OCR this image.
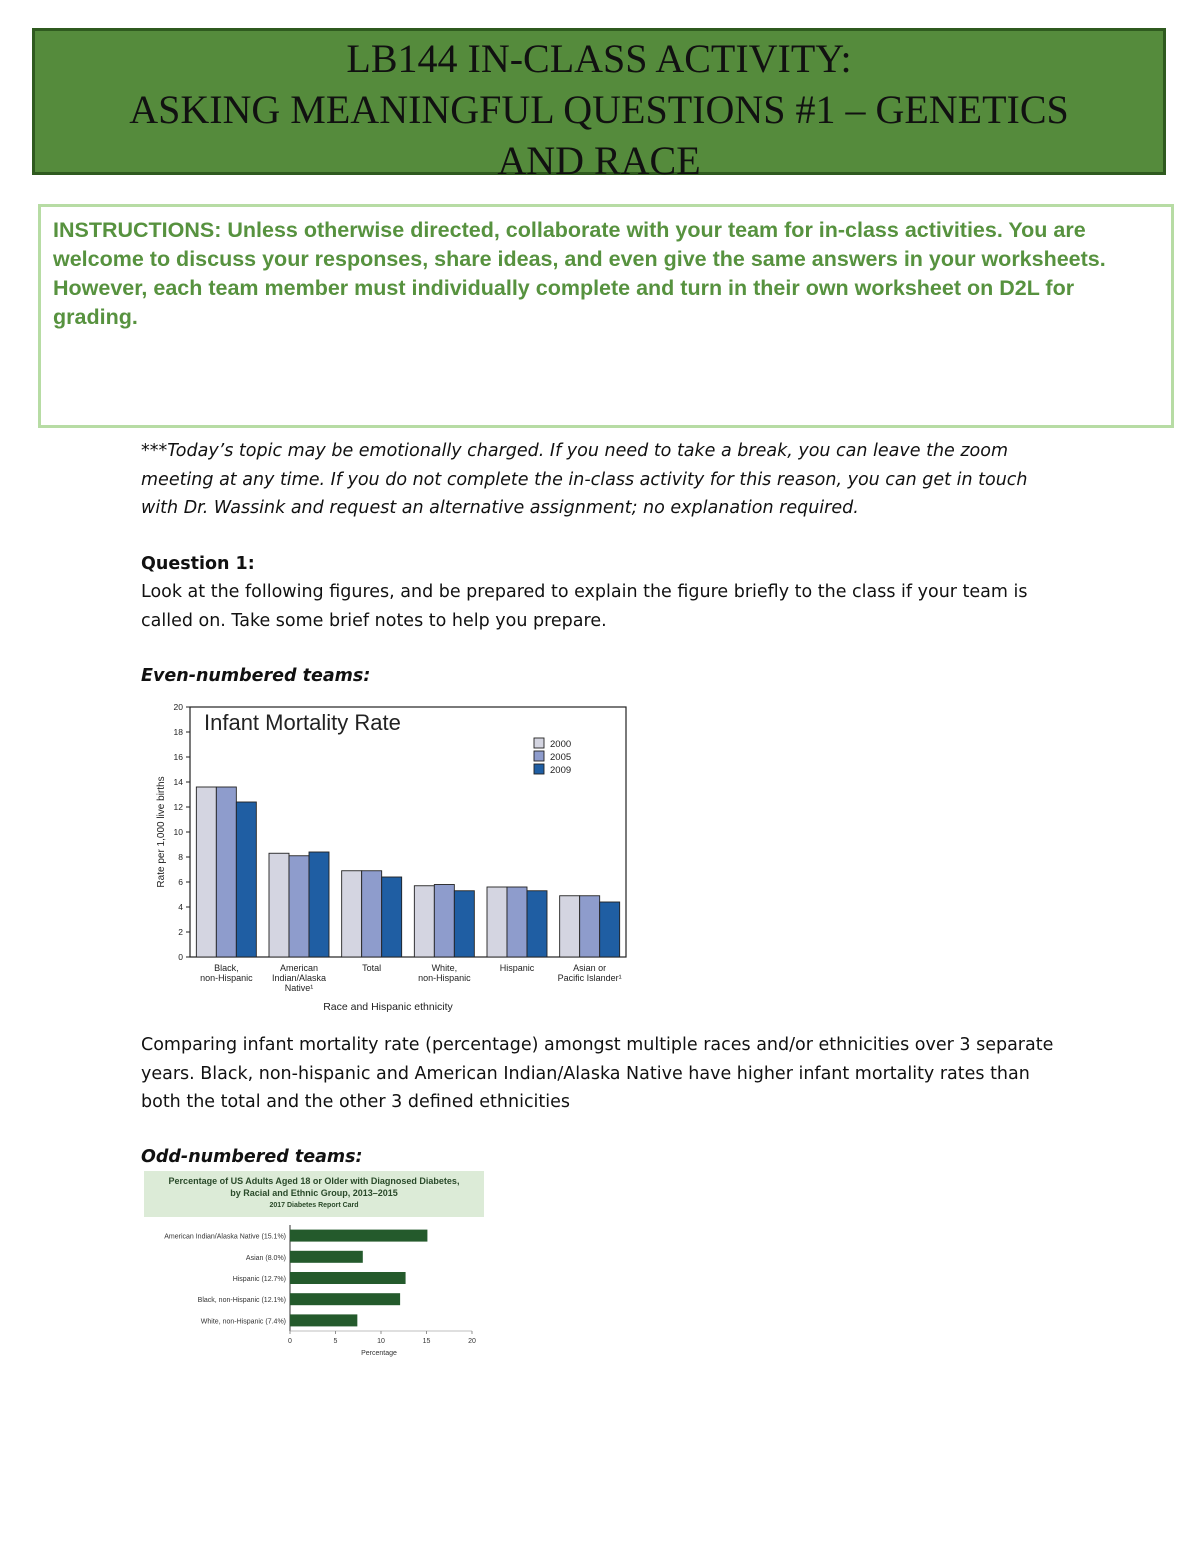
LB144 IN-CLASS ACTIVITY:
ASKING MEANINGFUL QUESTIONS #1 – GENETICS
AND RACE
INSTRUCTIONS: Unless otherwise directed, collaborate with your team for in-class activities. You are welcome to discuss your responses, share ideas, and even give the same answers in your worksheets. However, each team member must individually complete and turn in their own worksheet on D2L for grading.
***Today’s topic may be emotionally charged. If you need to take a break, you can leave the zoom meeting at any time. If you do not complete the in-class activity for this reason, you can get in touch with Dr. Wassink and request an alternative assignment; no explanation required.
Question 1:
Look at the following figures, and be prepared to explain the figure briefly to the class if your team is called on. Take some brief notes to help you prepare.
Even-numbered teams:
0
2
4
6
8
10
12
14
16
18
20
Rate per 1,000 live births
Infant Mortality Rate
Black,
non-Hispanic
American
Indian/Alaska
Native¹
Total	White,
non-Hispanic
Hispanic	Asian or
Pacific Islander¹
Race and Hispanic ethnicity
2000
2005
2009
Comparing infant mortality rate (percentage) amongst multiple races and/or ethnicities over 3 separate years. Black, non-hispanic and American Indian/Alaska Native have higher infant mortality rates than both the total and the other 3 defined ethnicities
Odd-numbered teams:
Percentage of US Adults Aged 18 or Older with Diagnosed Diabetes,
by Racial and Ethnic Group, 2013–2015
2017 Diabetes Report Card
0	5	10	15	20
Percentage
American Indian/Alaska Native (15.1%)
Asian (8.0%)
Hispanic (12.7%)
Black, non-Hispanic (12.1%)
White, non-Hispanic (7.4%)
